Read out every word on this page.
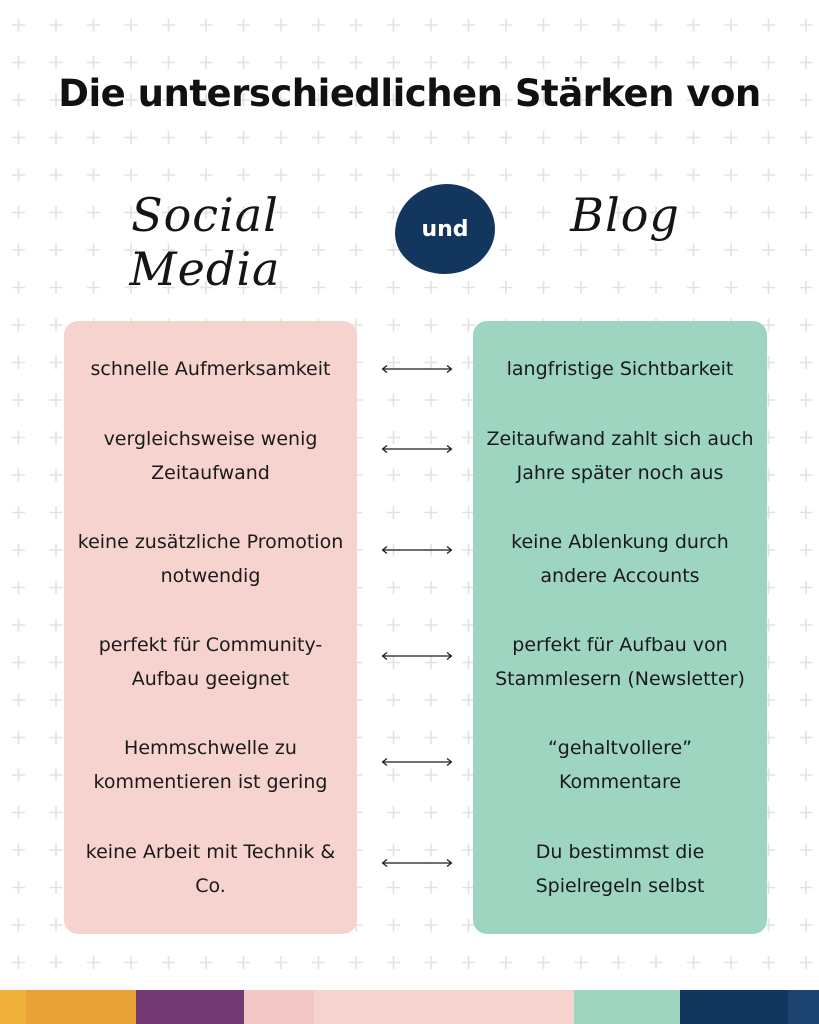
Die unterschiedlichen Stärken von
Social Media
und Blog
schnelle Aufmerksamkeit	langfristige Sichtbarkeit
vergleichsweise wenig
Zeitaufwand
Zeitaufwand zahlt sich auch
Jahre später noch aus
keine zusätzliche Promotion
notwendig
keine Ablenkung durch
andere Accounts
perfekt für Community-
Aufbau geeignet
perfekt für Aufbau von
Stammlesern (Newsletter)
Hemmschwelle zu
kommentieren ist gering
“gehaltvollere”
Kommentare
keine Arbeit mit Technik &
Co.
Du bestimmst die
Spielregeln selbst
